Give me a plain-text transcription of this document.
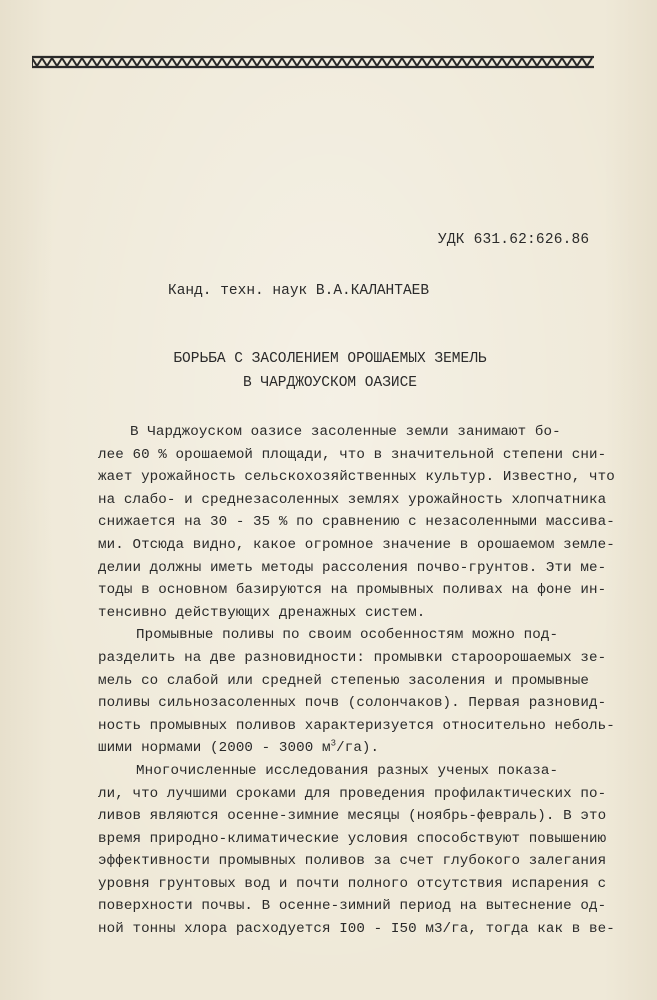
УДК 631.62:626.86
Канд. техн. наук В.А.КАЛАНТАЕВ
БОРЬБА С ЗАСОЛЕНИЕМ ОРОШАЕМЫХ ЗЕМЕЛЬ
В ЧАРДЖОУСКОМ ОАЗИСЕ
В Чарджоуском оазисе засоленные земли занимают бо-
лее 60 % орошаемой площади, что в значительной степени сни-
жает урожайность сельскохозяйственных культур. Известно, что
на слабо- и среднезасоленных землях урожайность хлопчатника
снижается на 30 - 35 % по сравнению с незасоленными массива-
ми. Отсюда видно, какое огромное значение в орошаемом земле-
делии должны иметь методы рассоления почво-грунтов. Эти ме-
тоды в основном базируются на промывных поливах на фоне ин-
тенсивно действующих дренажных систем.
Промывные поливы по своим особенностям можно под-
разделить на две разновидности: промывки староорошаемых зе-
мель со слабой или средней степенью засоления и промывные
поливы сильнозасоленных почв (солончаков). Первая разновид-
ность промывных поливов характеризуется относительно неболь-
шими нормами (2000 - 3000 $м^3/га$).
Многочисленные исследования разных ученых показа-
ли, что лучшими сроками для проведения профилактических по-
ливов являются осенне-зимние месяцы (ноябрь-февраль). В это
время природно-климатические условия способствуют повышению
эффективности промывных поливов за счет глубокого залегания
уровня грунтовых вод и почти полного отсутствия испарения с
поверхности почвы. В осенне-зимний период на вытеснение од-
ной тонны хлора расходуется I00 - I50 м3/га, тогда как в ве-
